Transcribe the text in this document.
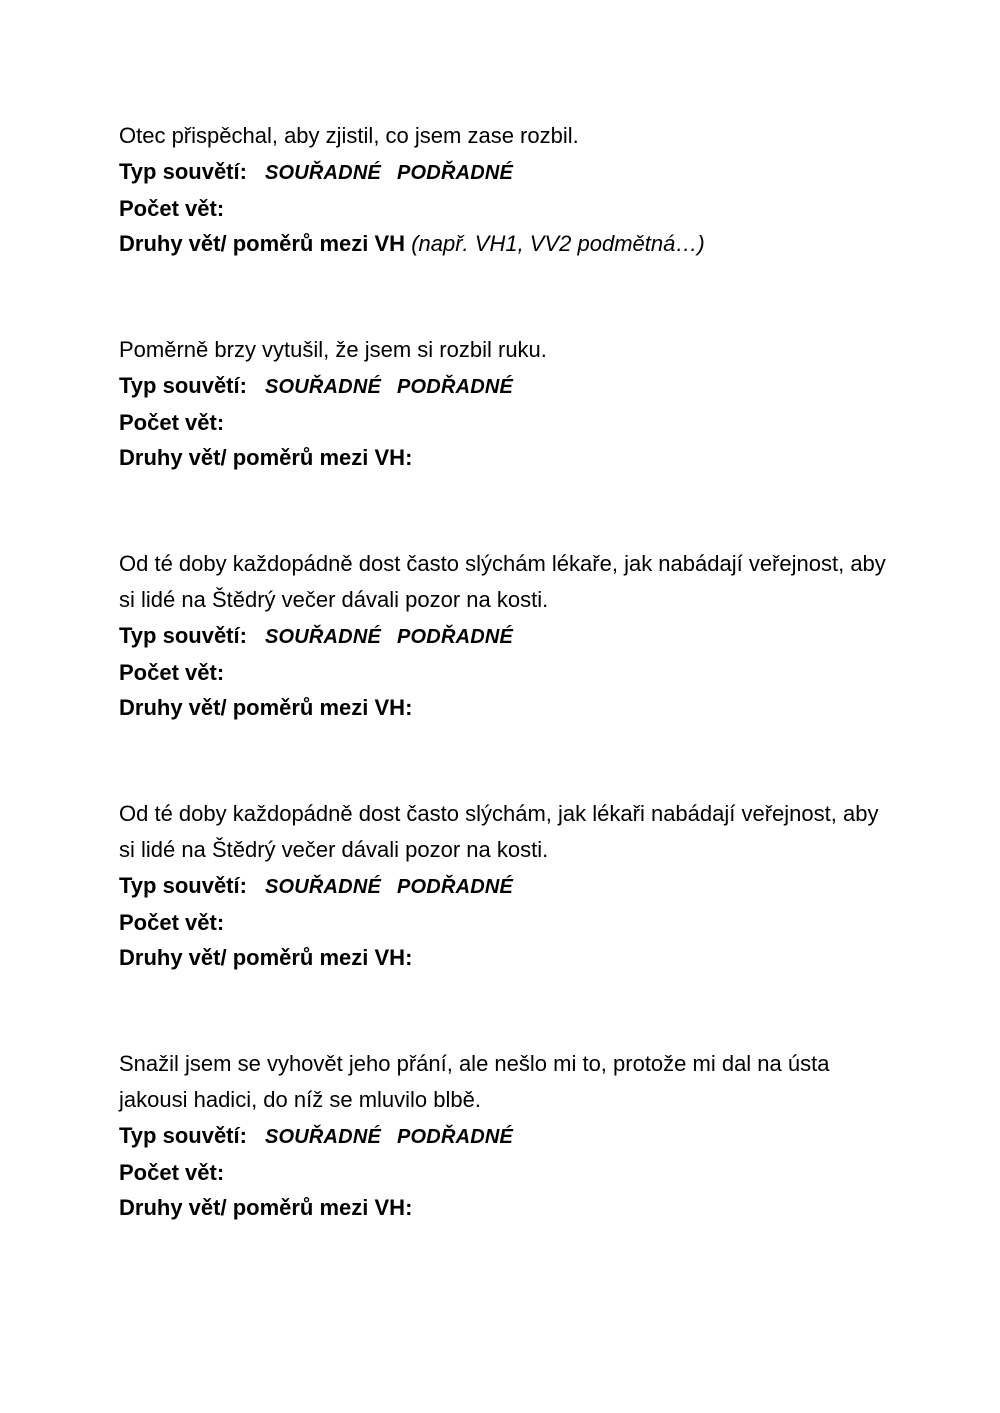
Otec přispěchal, aby zjistil, co jsem zase rozbil.

Typ souvětí: SOUŘADNÉ PODŘADNÉ

Počet vět:

Druhy vět/ poměrů mezi VH (např. VH1, VV2 podmětná…)

Poměrně brzy vytušil, že jsem si rozbil ruku.

Typ souvětí: SOUŘADNÉ PODŘADNÉ

Počet vět:

Druhy vět/ poměrů mezi VH:

Od té doby každopádně dost často slýchám lékaře, jak nabádají veřejnost, aby si lidé na Štědrý večer dávali pozor na kosti.

Typ souvětí: SOUŘADNÉ PODŘADNÉ

Počet vět:

Druhy vět/ poměrů mezi VH:

Od té doby každopádně dost často slýchám, jak lékaři nabádají veřejnost, aby si lidé na Štědrý večer dávali pozor na kosti.

Typ souvětí: SOUŘADNÉ PODŘADNÉ

Počet vět:

Druhy vět/ poměrů mezi VH:

Snažil jsem se vyhovět jeho přání, ale nešlo mi to, protože mi dal na ústa jakousi hadici, do níž se mluvilo blbě.

Typ souvětí: SOUŘADNÉ PODŘADNÉ

Počet vět:

Druhy vět/ poměrů mezi VH:
